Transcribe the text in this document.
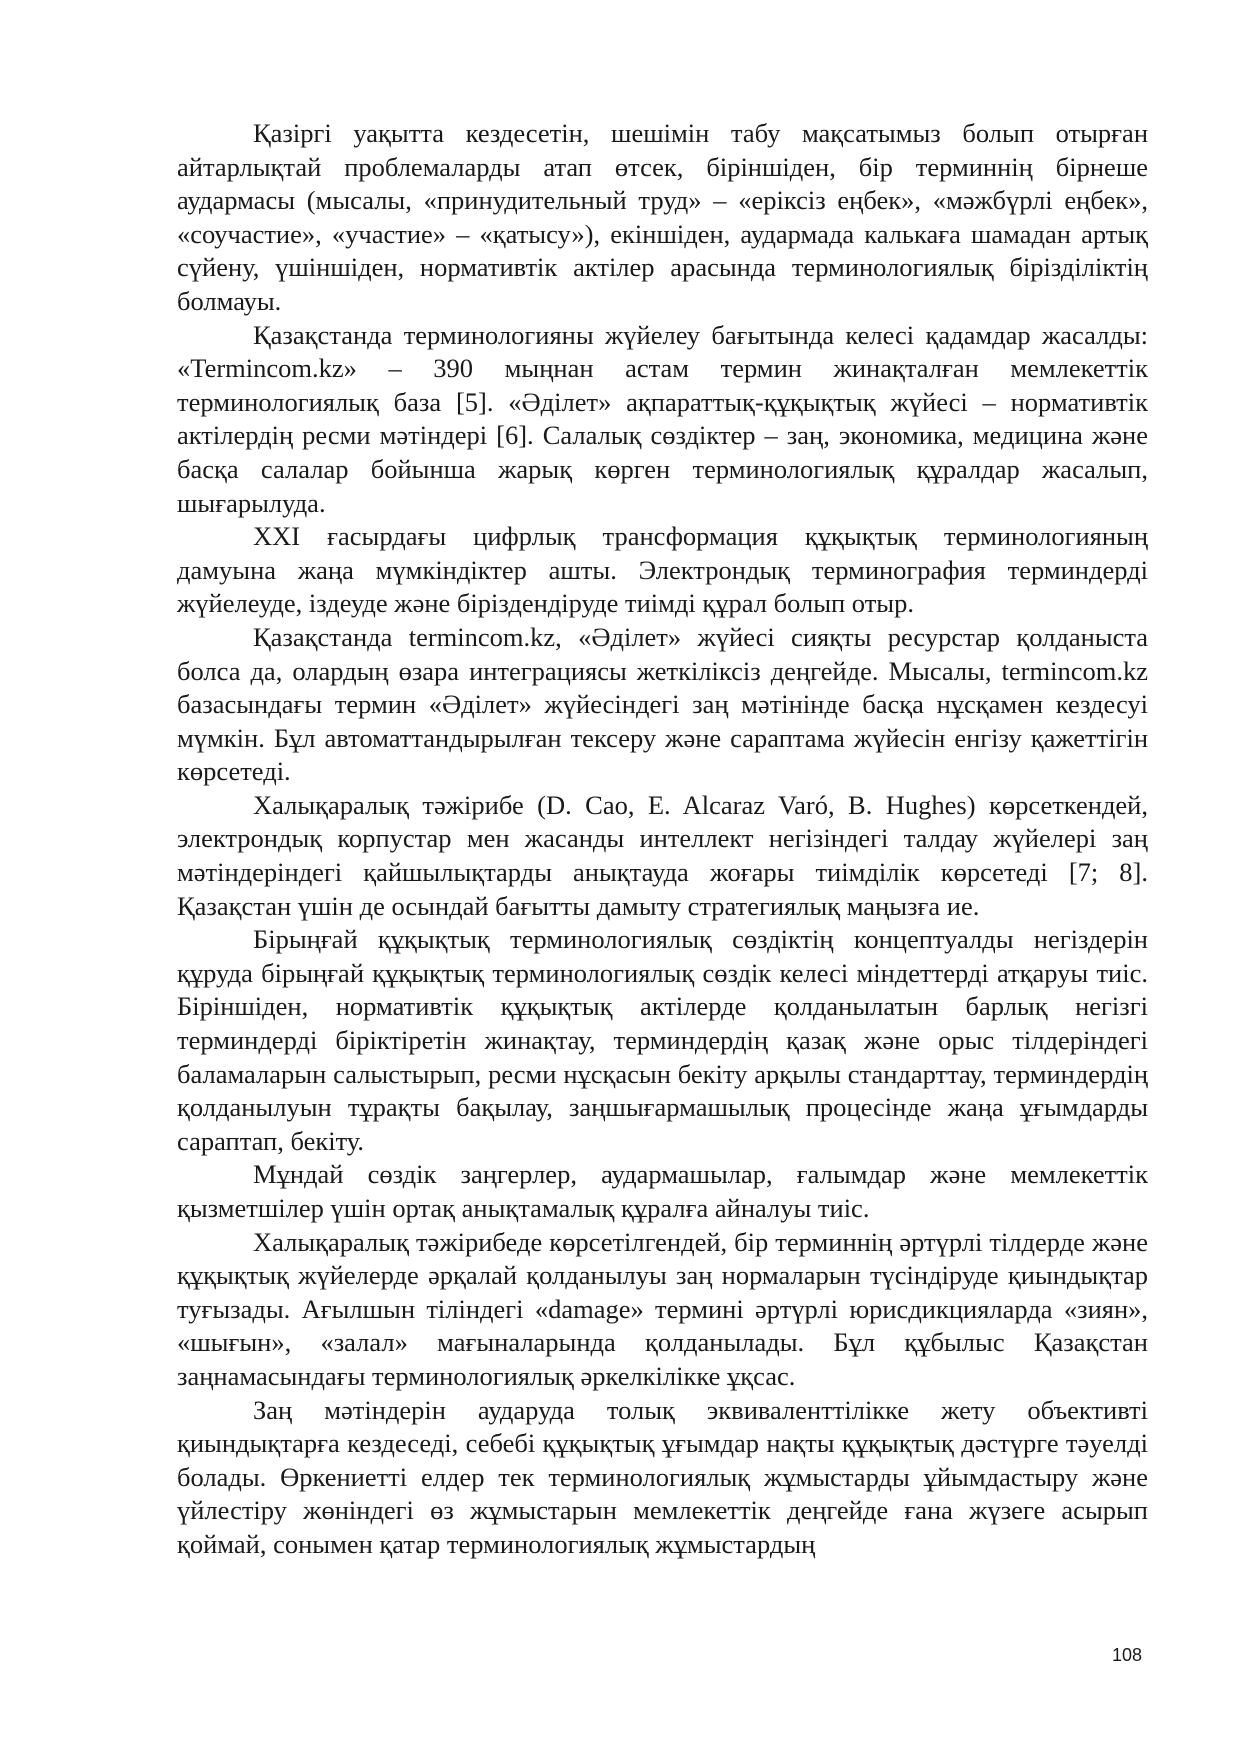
Қазіргі уақытта кездесетін, шешімін табу мақсатымыз болып отырған айтарлықтай проблемаларды атап өтсек, біріншіден, бір терминнің бірнеше аудармасы (мысалы, «принудительный труд» – «еріксіз еңбек», «мәжбүрлі еңбек», «соучастие», «участие» – «қатысу»), екіншіден, аудармада калькаға шамадан артық сүйену, үшіншіден, нормативтік актілер арасында терминологиялық бірізділіктің болмауы.

Қазақстанда терминологияны жүйелеу бағытында келесі қадамдар жасалды: «Termincom.kz» – 390 мыңнан астам термин жинақталған мемлекеттік терминологиялық база [5]. «Әділет» ақпараттық-құқықтық жүйесі – нормативтік актілердің ресми мәтіндері [6]. Салалық сөздіктер – заң, экономика, медицина және басқа салалар бойынша жарық көрген терминологиялық құралдар жасалып, шығарылуда.

XXI ғасырдағы цифрлық трансформация құқықтық терминологияның дамуына жаңа мүмкіндіктер ашты. Электрондық терминография терминдерді жүйелеуде, іздеуде және біріздендіруде тиімді құрал болып отыр.

Қазақстанда termincom.kz, «Әділет» жүйесі сияқты ресурстар қолданыста болса да, олардың өзара интеграциясы жеткіліксіз деңгейде. Мысалы, termincom.kz базасындағы термин «Әділет» жүйесіндегі заң мәтінінде басқа нұсқамен кездесуі мүмкін. Бұл автоматтандырылған тексеру және сараптама жүйесін енгізу қажеттігін көрсетеді.

Халықаралық тәжірибе (D. Cao, E. Alcaraz Varó, B. Hughes) көрсеткендей, электрондық корпустар мен жасанды интеллект негізіндегі талдау жүйелері заң мәтіндеріндегі қайшылықтарды анықтауда жоғары тиімділік көрсетеді [7; 8]. Қазақстан үшін де осындай бағытты дамыту стратегиялық маңызға ие.

Бірыңғай құқықтық терминологиялық сөздіктің концептуалды негіздерін құруда бірыңғай құқықтық терминологиялық сөздік келесі міндеттерді атқаруы тиіс. Біріншіден, нормативтік құқықтық актілерде қолданылатын барлық негізгі терминдерді біріктіретін жинақтау, терминдердің қазақ және орыс тілдеріндегі баламаларын салыстырып, ресми нұсқасын бекіту арқылы стандарттау, терминдердің қолданылуын тұрақты бақылау, заңшығармашылық процесінде жаңа ұғымдарды сараптап, бекіту.

Мұндай сөздік заңгерлер, аудармашылар, ғалымдар және мемлекеттік қызметшілер үшін ортақ анықтамалық құралға айналуы тиіс.

Халықаралық тәжірибеде көрсетілгендей, бір терминнің әртүрлі тілдерде және құқықтық жүйелерде әрқалай қолданылуы заң нормаларын түсіндіруде қиындықтар туғызады. Ағылшын тіліндегі «damage» термині әртүрлі юрисдикцияларда «зиян», «шығын», «залал» мағыналарында қолданылады. Бұл құбылыс Қазақстан заңнамасындағы терминологиялық әркелкілікке ұқсас.

Заң мәтіндерін аударуда толық эквиваленттілікке жету объективті қиындықтарға кездеседі, себебі құқықтық ұғымдар нақты құқықтық дәстүрге тәуелді болады. Өркениетті елдер тек терминологиялық жұмыстарды ұйымдастыру және үйлестіру жөніндегі өз жұмыстарын мемлекеттік деңгейде ғана жүзеге асырып қоймай, сонымен қатар терминологиялық жұмыстардың

108
